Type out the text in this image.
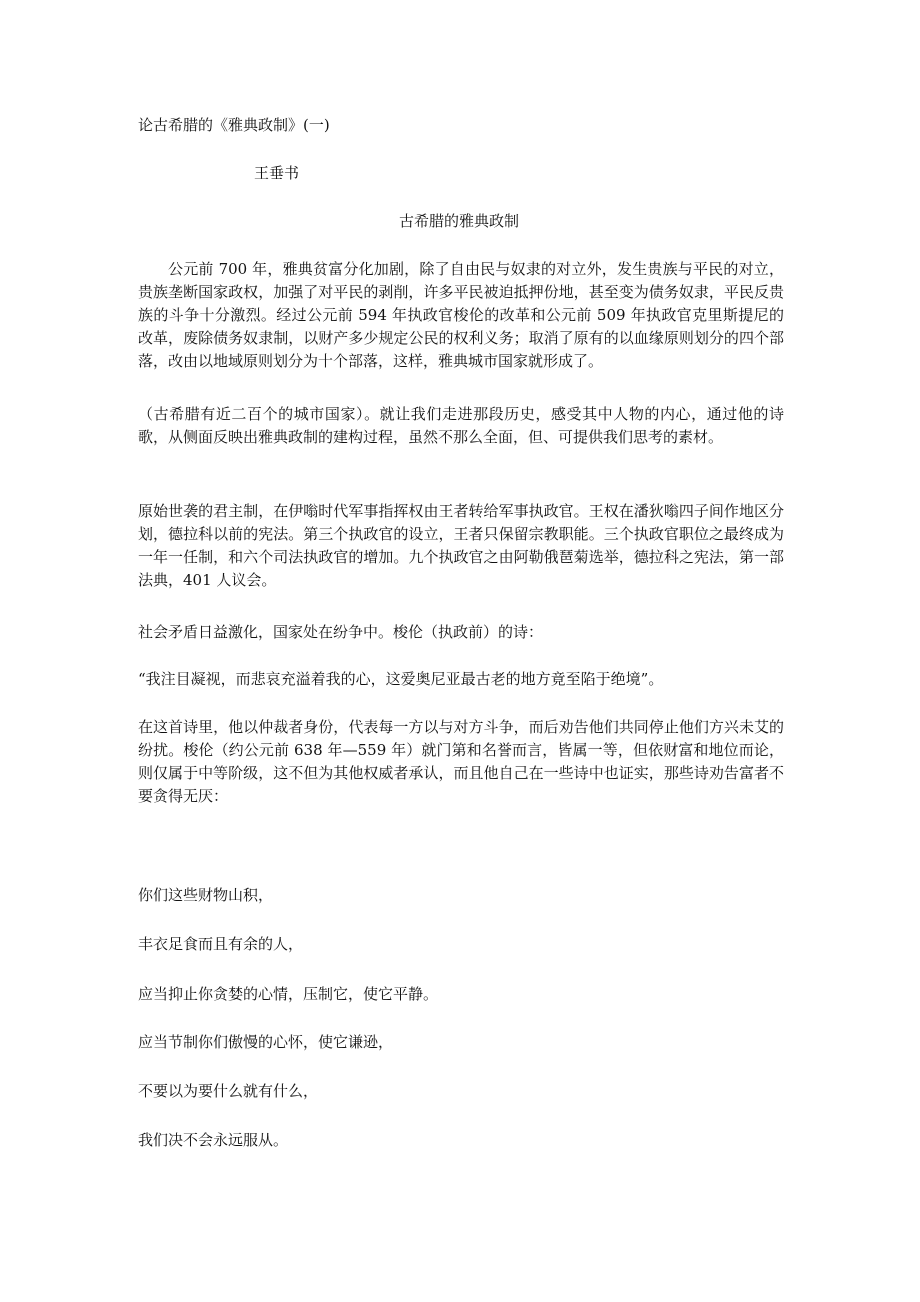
论古希腊的《雅典政制》(一)

王垂书

古希腊的雅典政制

公元前 700 年，雅典贫富分化加剧，除了自由民与奴隶的对立外，发生贵族与平民的对立，贵族垄断国家政权，加强了对平民的剥削，许多平民被迫抵押份地，甚至变为债务奴隶，平民反贵族的斗争十分激烈。经过公元前 594 年执政官梭伦的改革和公元前 509 年执政官克里斯提尼的改革，废除债务奴隶制，以财产多少规定公民的权利义务；取消了原有的以血缘原则划分的四个部落，改由以地域原则划分为十个部落，这样，雅典城市国家就形成了。

（古希腊有近二百个的城市国家）。就让我们走进那段历史，感受其中人物的内心，通过他的诗歌，从侧面反映出雅典政制的建构过程，虽然不那么全面，但、可提供我们思考的素材。

原始世袭的君主制，在伊嗡时代军事指挥权由王者转给军事执政官。王权在潘狄嗡四子间作地区分划，德拉科以前的宪法。第三个执政官的设立，王者只保留宗教职能。三个执政官职位之最终成为一年一任制，和六个司法执政官的增加。九个执政官之由阿勒俄琶菊选举，德拉科之宪法，第一部法典，401 人议会。

社会矛盾日益激化，国家处在纷争中。梭伦（执政前）的诗：

“我注目凝视，而悲哀充溢着我的心，这爱奥尼亚最古老的地方竟至陷于绝境”。

在这首诗里，他以仲裁者身份，代表每一方以与对方斗争，而后劝告他们共同停止他们方兴未艾的纷扰。梭伦（约公元前 638 年—559 年）就门第和名誉而言，皆属一等，但依财富和地位而论，则仅属于中等阶级，这不但为其他权威者承认，而且他自己在一些诗中也证实，那些诗劝告富者不要贪得无厌：

你们这些财物山积，

丰衣足食而且有余的人，

应当抑止你贪婪的心情，压制它，使它平静。

应当节制你们傲慢的心怀，使它谦逊，

不要以为要什么就有什么，

我们决不会永远服从。
